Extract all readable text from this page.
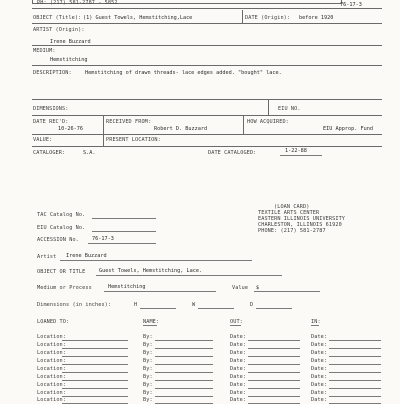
PH: (217) 581-2787 - 5852	76-17-3
OBJECT (Title): (1) Guest Towels, Hemstitching,Lace	DATE (Origin): before 1920
ARTIST (Origin):
Irene Buzzard
MEDIUM:
Hemstitching
DESCRIPTION:	Hemstitching of drawn threads- lace edges added. "bought" lace.
DIMENSIONS:	EIU NO.
DATE REC'D:
10-26-76
RECEIVED FROM:
Robert D. Buzzard
HOW ACQUIRED:
EIU Approp. Fund
VALUE:	PRESENT LOCATION:
CATALOGER:	S.A.	DATE CATALOGED:	1-22-88
(LOAN CARD)
TEXTILE ARTS CENTER
EASTERN ILLINOIS UNIVERSITY
CHARLESTON, ILLINOIS 61920
PHONE: (217) 581-2787
TAC Catalog No.
EIU Catalog No.
ACCESSION No.	76-17-3
Artist Irene Buzzard
OBJECT OR TITLE	Guest Towels, Hemstitching, Lace.
Medium or Process	Hemstitching	Value $
Dimensions (in inches):	H	W	D
LOANED TO:	NAME:	OUT:	IN:
Location:	By:	Date:	Date:
Location:	By:	Date:	Date:
Location:	By:	Date:	Date:
Location:	By:	Date:	Date:
Location:	By:	Date:	Date:
Location:	By:	Date:	Date:
Location:	By:	Date:	Date:
Location:	By:	Date:	Date:
Location:	By:	Date:	Date:
